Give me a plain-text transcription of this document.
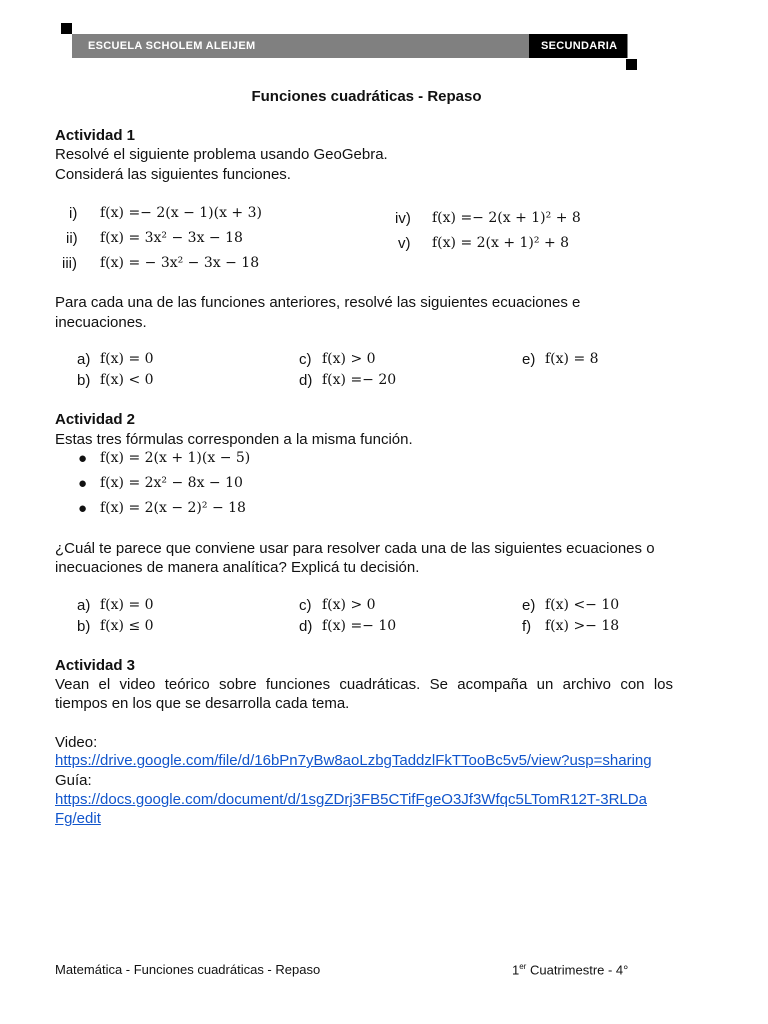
ESCUELA SCHOLEM ALEIJEM	SECUNDARIA
Funciones cuadráticas - Repaso
Actividad 1
Resolvé el siguiente problema usando GeoGebra.
Considerá las siguientes funciones.
i) f(x) =− 2(x − 1)(x + 3)
ii) f(x) = 3x² − 3x − 18
iii) f(x) = − 3x² − 3x − 18
iv) f(x) =− 2(x + 1)² + 8
v) f(x) = 2(x + 1)² + 8
Para cada una de las funciones anteriores, resolvé las siguientes ecuaciones e
inecuaciones.
a) f(x) = 0
b) f(x) < 0
c) f(x) > 0
d) f(x) =− 20
e) f(x) = 8
Actividad 2
Estas tres fórmulas corresponden a la misma función.
● f(x) = 2(x + 1)(x − 5)
● f(x) = 2x² − 8x − 10
● f(x) = 2(x − 2)² − 18
¿Cuál te parece que conviene usar para resolver cada una de las siguientes ecuaciones o
inecuaciones de manera analítica? Explicá tu decisión.
a) f(x) = 0
b) f(x) ≤ 0
c) f(x) > 0
d) f(x) =− 10
e) f(x) <− 10
f) f(x) >− 18
Actividad 3
Vean el video teórico sobre funciones cuadráticas. Se acompaña un archivo con los
tiempos en los que se desarrolla cada tema.
Video:
https://drive.google.com/file/d/16bPn7yBw8aoLzbgTaddzlFkTTooBc5v5/view?usp=sharing
Guía:
https://docs.google.com/document/d/1sgZDrj3FB5CTifFgeO3Jf3Wfqc5LTomR12T-3RLDa
Fg/edit
Matemática - Funciones cuadráticas - Repaso	1er Cuatrimestre - 4°
